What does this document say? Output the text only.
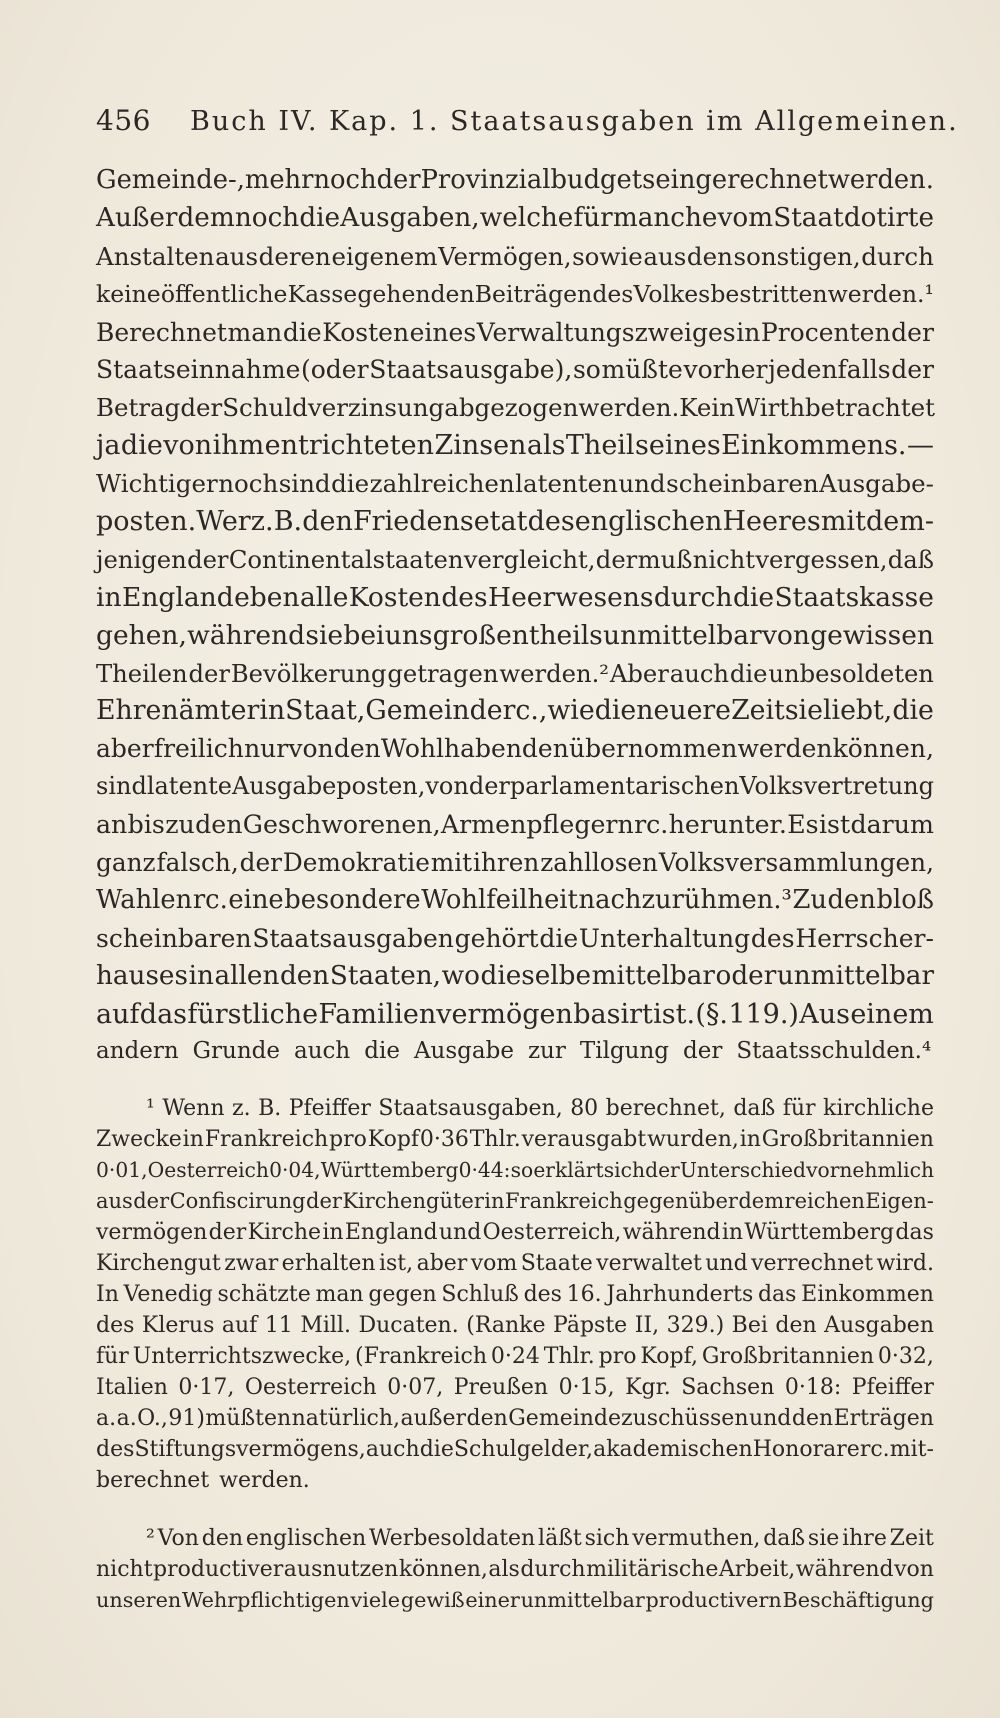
456 Buch IV. Kap. 1. Staatsausgaben im Allgemeinen.
Gemeinde-, mehr noch der Provinzialbudgets eingerechnet werden.
Außerdem noch die Ausgaben, welche für manche vom Staat dotirte
Anstalten aus deren eigenem Vermögen, sowie aus den sonstigen, durch
keine öffentliche Kasse gehenden Beiträgen des Volkes bestritten werden.¹
Berechnet man die Kosten eines Verwaltungszweiges in Procenten der
Staatseinnahme (oder Staatsausgabe), so müßte vorher jedenfalls der
Betrag der Schuldverzinsung abgezogen werden. Kein Wirth betrachtet
ja die von ihm entrichteten Zinsen als Theil seines Einkommens. —
Wichtiger noch sind die zahlreichen latenten und scheinbaren Ausgabe-
posten. Wer z. B. den Friedensetat des englischen Heeres mit dem-
jenigen der Continentalstaaten vergleicht, der muß nicht vergessen, daß
in England eben alle Kosten des Heerwesens durch die Staatskasse
gehen, während sie bei uns großentheils unmittelbar von gewissen
Theilen der Bevölkerung getragen werden.² Aber auch die unbesoldeten
Ehrenämter in Staat, Gemeinde rc., wie die neuere Zeit sie liebt, die
aber freilich nur von den Wohlhabenden übernommen werden können,
sind latente Ausgabeposten, von der parlamentarischen Volksvertretung
an bis zu den Geschworenen, Armenpflegern rc. herunter. Es ist darum
ganz falsch, der Demokratie mit ihren zahllosen Volksversammlungen,
Wahlen rc. eine besondere Wohlfeilheit nachzurühmen.³ Zu den bloß
scheinbaren Staatsausgaben gehört die Unterhaltung des Herrscher-
hauses in allen den Staaten, wo dieselbe mittelbar oder unmittelbar
auf das fürstliche Familienvermögen basirt ist. (§. 119.) Aus einem
andern Grunde auch die Ausgabe zur Tilgung der Staatsschulden.⁴
¹ Wenn z. B. Pfeiffer Staatsausgaben, 80 berechnet, daß für kirchliche
Zwecke in Frankreich pro Kopf 0·36 Thlr. verausgabt wurden, in Großbritannien
0·01, Oesterreich 0·04, Württemberg 0·44: so erklärt sich der Unterschied vornehmlich
aus der Confiscirung der Kirchengüter in Frankreich gegenüber dem reichen Eigen-
vermögen der Kirche in England und Oesterreich, während in Württemberg das
Kirchengut zwar erhalten ist, aber vom Staate verwaltet und verrechnet wird.
In Venedig schätzte man gegen Schluß des 16. Jahrhunderts das Einkommen
des Klerus auf 11 Mill. Ducaten. (Ranke Päpste II, 329.) Bei den Ausgaben
für Unterrichtszwecke, (Frankreich 0·24 Thlr. pro Kopf, Großbritannien 0·32,
Italien 0·17, Oesterreich 0·07, Preußen 0·15, Kgr. Sachsen 0·18: Pfeiffer
a. a. O., 91) müßten natürlich, außer den Gemeindezuschüssen und den Erträgen
des Stiftungsvermögens, auch die Schulgelder, akademischen Honorare rc. mit-
berechnet werden.
² Von den englischen Werbesoldaten läßt sich vermuthen, daß sie ihre Zeit
nicht productiver ausnutzen können, als durch militärische Arbeit, während von
unseren Wehrpflichtigen viele gewiß einer unmittelbar productivern Beschäftigung
